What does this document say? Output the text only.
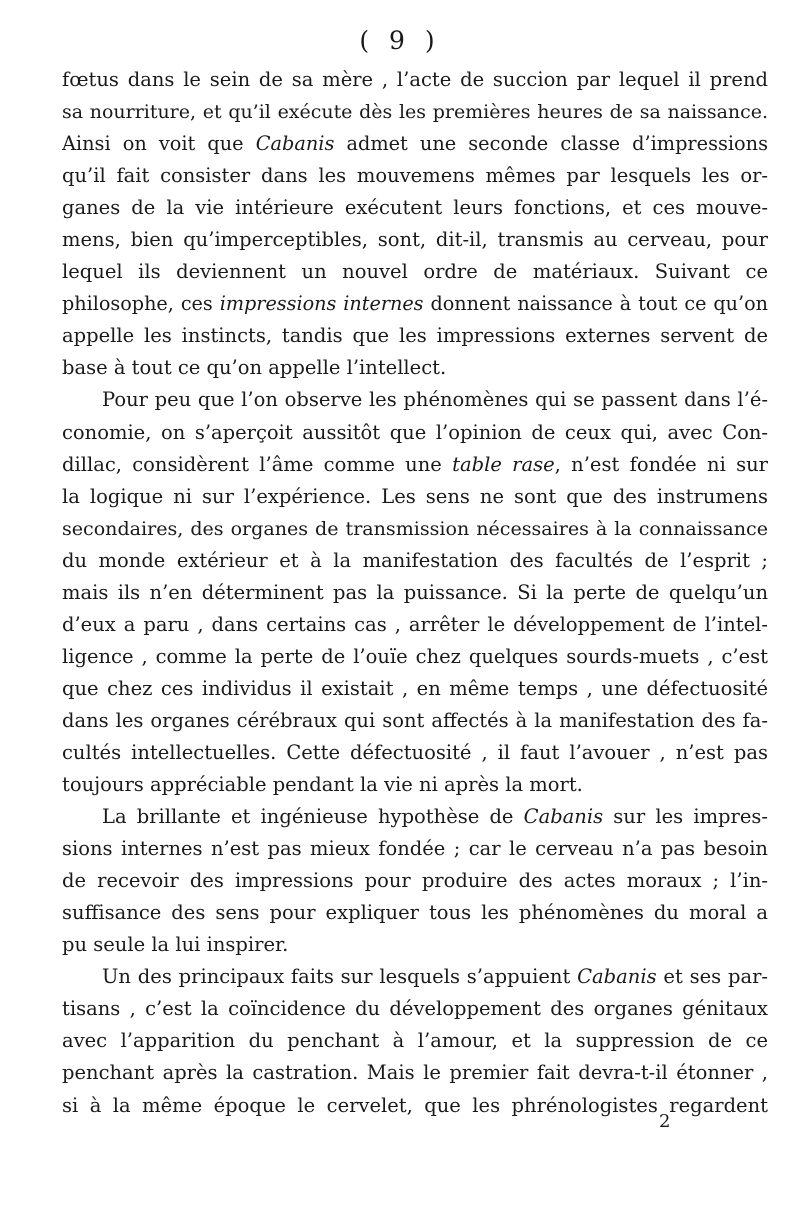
( 9 )
fœtus dans le sein de sa mère , l’acte de succion par lequel il prend
sa nourriture, et qu’il exécute dès les premières heures de sa naissance.
Ainsi on voit que Cabanis admet une seconde classe d’impressions
qu’il fait consister dans les mouvemens mêmes par lesquels les or-
ganes de la vie intérieure exécutent leurs fonctions, et ces mouve-
mens, bien qu’imperceptibles, sont, dit-il, transmis au cerveau, pour
lequel ils deviennent un nouvel ordre de matériaux. Suivant ce
philosophe, ces impressions internes donnent naissance à tout ce qu’on
appelle les instincts, tandis que les impressions externes servent de
base à tout ce qu’on appelle l’intellect.
Pour peu que l’on observe les phénomènes qui se passent dans l’é-
conomie, on s’aperçoit aussitôt que l’opinion de ceux qui, avec Con-
dillac, considèrent l’âme comme une table rase, n’est fondée ni sur
la logique ni sur l’expérience. Les sens ne sont que des instrumens
secondaires, des organes de transmission nécessaires à la connaissance
du monde extérieur et à la manifestation des facultés de l’esprit ;
mais ils n’en déterminent pas la puissance. Si la perte de quelqu’un
d’eux a paru , dans certains cas , arrêter le développement de l’intel-
ligence , comme la perte de l’ouïe chez quelques sourds-muets , c’est
que chez ces individus il existait , en même temps , une défectuosité
dans les organes cérébraux qui sont affectés à la manifestation des fa-
cultés intellectuelles. Cette défectuosité , il faut l’avouer , n’est pas
toujours appréciable pendant la vie ni après la mort.
La brillante et ingénieuse hypothèse de Cabanis sur les impres-
sions internes n’est pas mieux fondée ; car le cerveau n’a pas besoin
de recevoir des impressions pour produire des actes moraux ; l’in-
suffisance des sens pour expliquer tous les phénomènes du moral a
pu seule la lui inspirer.
Un des principaux faits sur lesquels s’appuient Cabanis et ses par-
tisans , c’est la coïncidence du développement des organes génitaux
avec l’apparition du penchant à l’amour, et la suppression de ce
penchant après la castration. Mais le premier fait devra-t-il étonner ,
si à la même époque le cervelet, que les phrénologistes regardent
2
